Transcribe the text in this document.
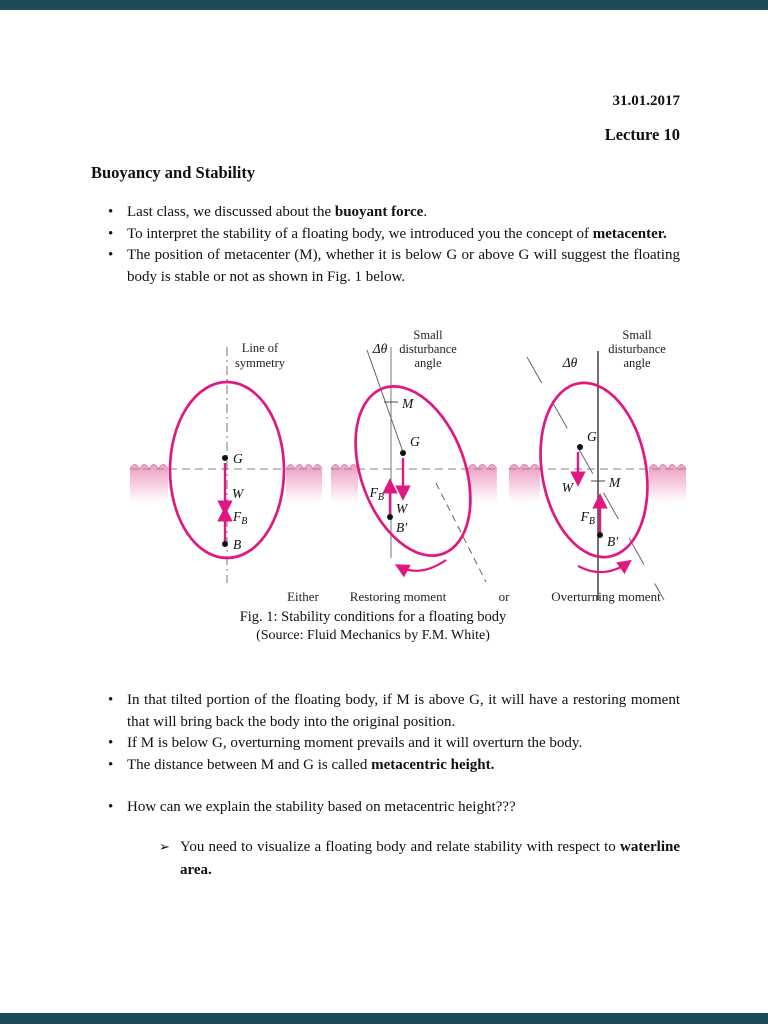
31.01.2017
Lecture 10
Buoyancy and Stability
• Last class, we discussed about the buoyant force.
• To interpret the stability of a floating body, we introduced you the concept of metacenter.
• The position of metacenter (M), whether it is below G or above G will suggest the floating body is stable or not as shown in Fig. 1 below.
Line of
symmetry
G
W
$F_B$
B
Δθ
Small
disturbance
angle
M
G
W
$F_B$
B′
Δθ
Small
disturbance
angle
G
W	M
$F_B$
B′
Either Restoring moment	or	Overturning moment
Fig. 1: Stability conditions for a floating body
(Source: Fluid Mechanics by F.M. White)
• In that tilted portion of the floating body, if M is above G, it will have a restoring moment that will bring back the body into the original position.
• If M is below G, overturning moment prevails and it will overturn the body.
• The distance between M and G is called metacentric height.
• How can we explain the stability based on metacentric height???
➢ You need to visualize a floating body and relate stability with respect to waterline area.
